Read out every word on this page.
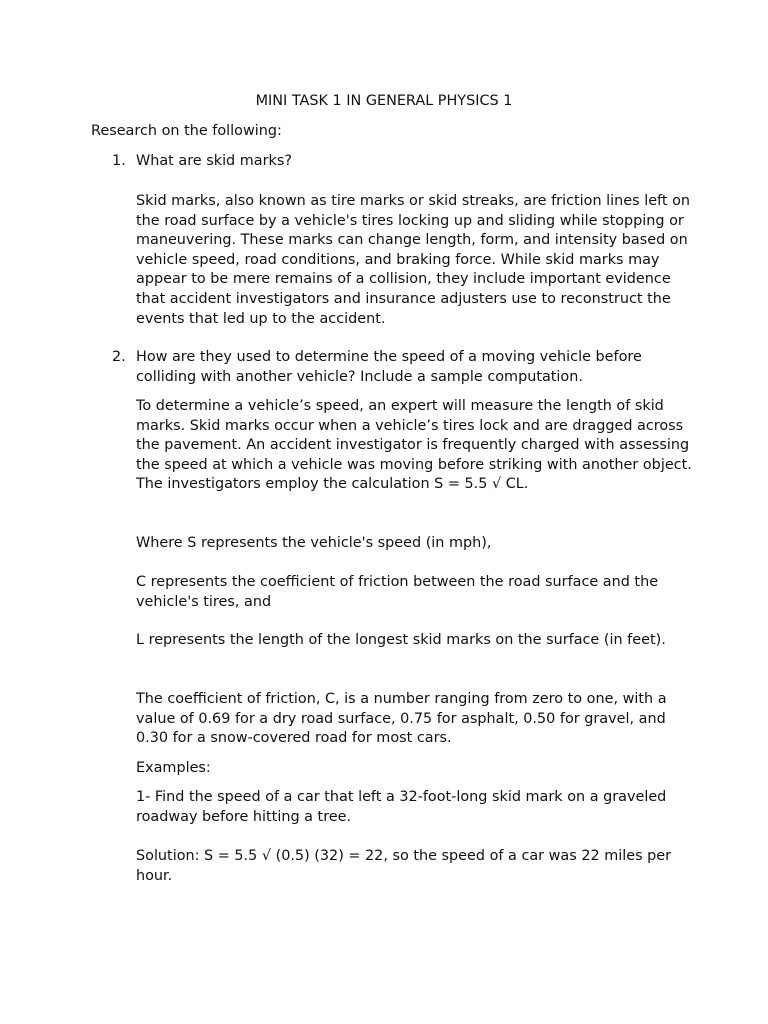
MINI TASK 1 IN GENERAL PHYSICS 1
Research on the following:
1. What are skid marks?

Skid marks, also known as tire marks or skid streaks, are friction lines left on the road surface by a vehicle's tires locking up and sliding while stopping or maneuvering. These marks can change length, form, and intensity based on vehicle speed, road conditions, and braking force. While skid marks may appear to be mere remains of a collision, they include important evidence that accident investigators and insurance adjusters use to reconstruct the events that led up to the accident.

2. How are they used to determine the speed of a moving vehicle before colliding with another vehicle? Include a sample computation.

To determine a vehicle’s speed, an expert will measure the length of skid marks. Skid marks occur when a vehicle’s tires lock and are dragged across the pavement. An accident investigator is frequently charged with assessing the speed at which a vehicle was moving before striking with another object. The investigators employ the calculation S = 5.5 √ CL.

Where S represents the vehicle's speed (in mph),

C represents the coefficient of friction between the road surface and the vehicle's tires, and

L represents the length of the longest skid marks on the surface (in feet).

The coefficient of friction, C, is a number ranging from zero to one, with a value of 0.69 for a dry road surface, 0.75 for asphalt, 0.50 for gravel, and 0.30 for a snow-covered road for most cars.

Examples:

1- Find the speed of a car that left a 32-foot-long skid mark on a graveled roadway before hitting a tree.

Solution: S = 5.5 √ (0.5) (32) = 22, so the speed of a car was 22 miles per hour.
